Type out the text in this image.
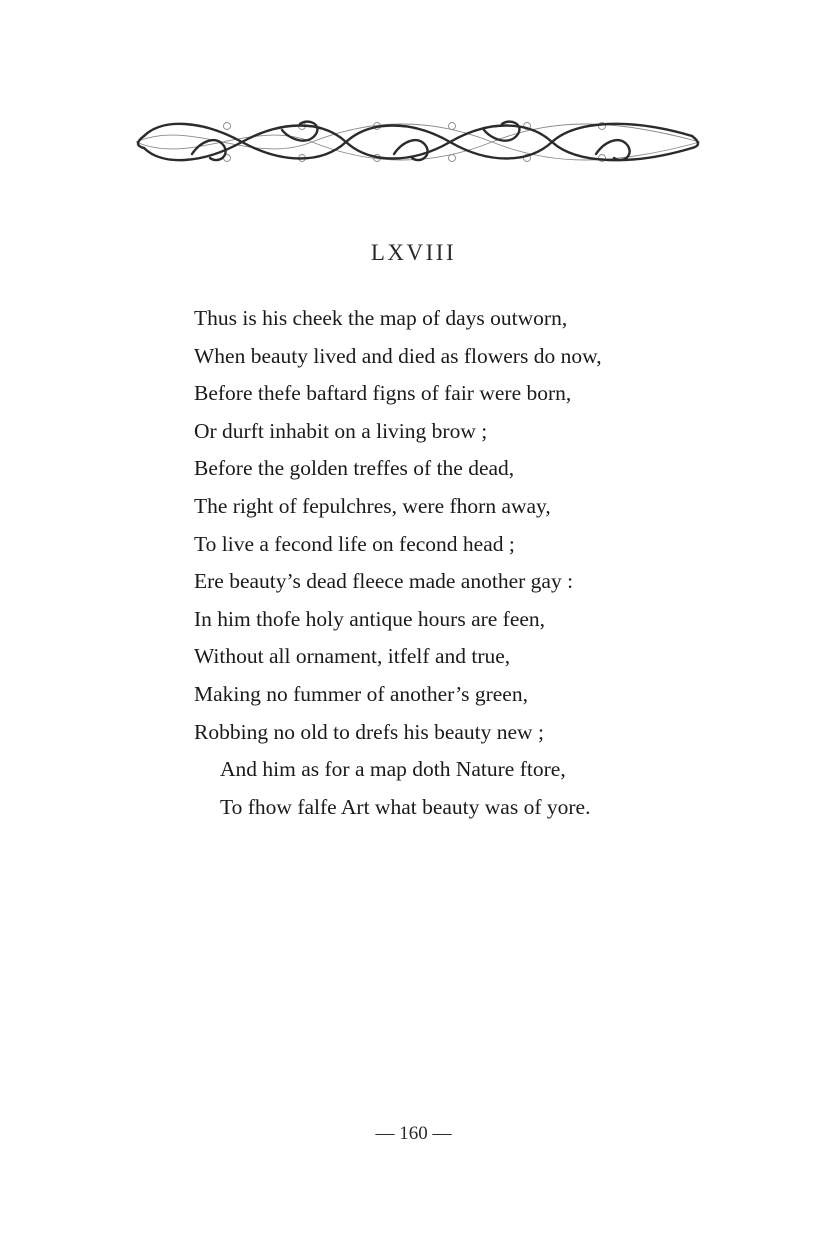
LXVIII
Thus is his cheek the map of days outworn,
When beauty lived and died as flowers do now,
Before thefe baftard figns of fair were born,
Or durft inhabit on a living brow ;
Before the golden treffes of the dead,
The right of fepulchres, were fhorn away,
To live a fecond life on fecond head ;
Ere beauty’s dead fleece made another gay :
In him thofe holy antique hours are feen,
Without all ornament, itfelf and true,
Making no fummer of another’s green,
Robbing no old to drefs his beauty new ;
And him as for a map doth Nature ftore,
To fhow falfe Art what beauty was of yore.
— 160 —
